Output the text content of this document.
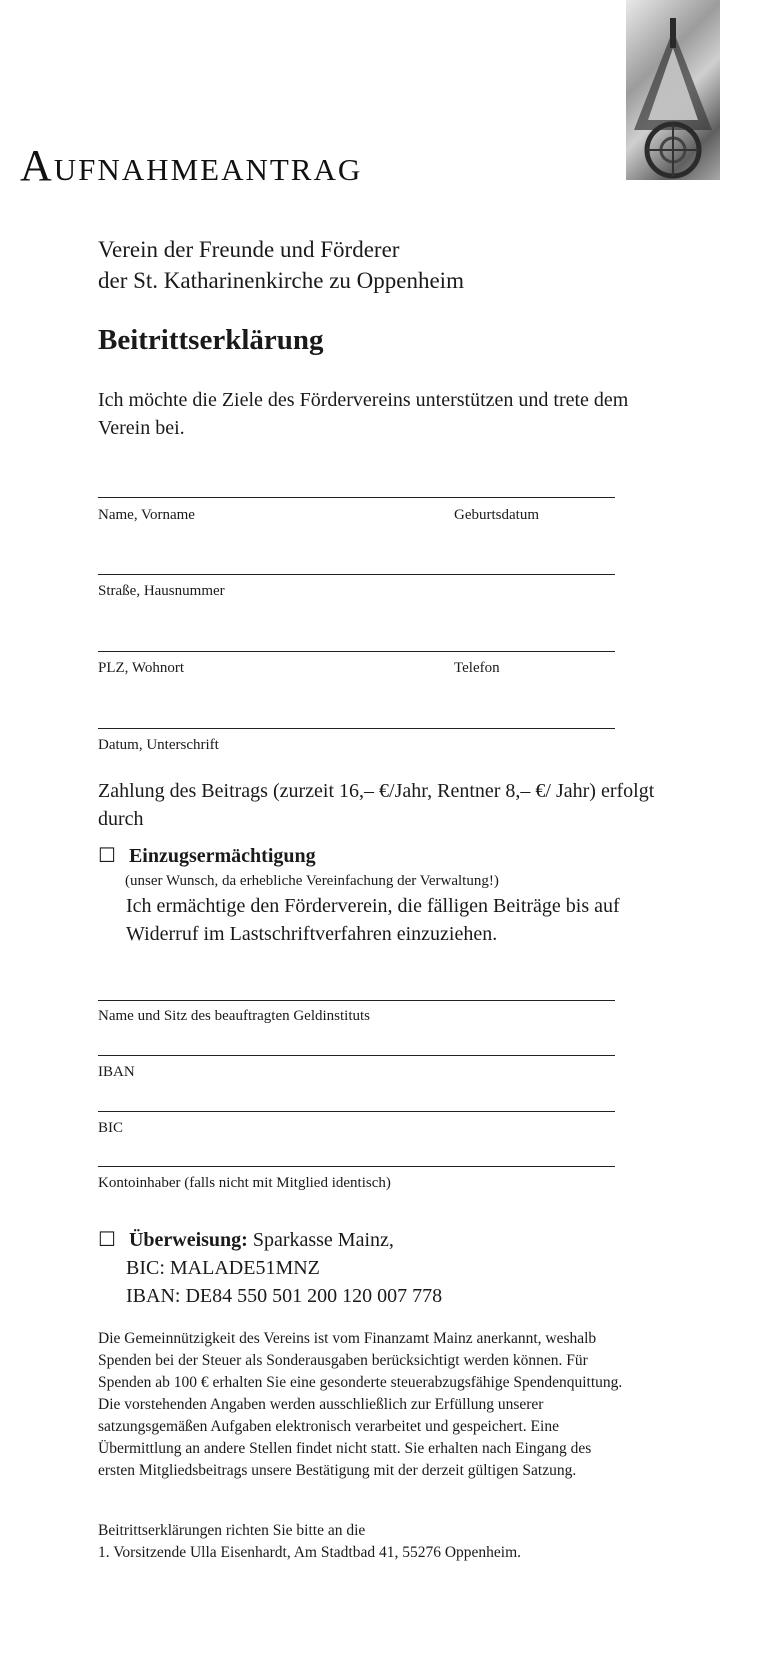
Aufnahmeantrag
Verein der Freunde und Förderer
der St. Katharinenkirche zu Oppenheim
Beitrittserklärung

Ich möchte die Ziele des Fördervereins unterstützen und trete dem Verein bei.

Name, Vorname	Geburtsdatum
Straße, Hausnummer
PLZ, Wohnort	Telefon
Datum, Unterschrift

Zahlung des Beitrags (zurzeit 16,– €/Jahr, Rentner 8,– €/ Jahr) erfolgt durch

☐ Einzugsermächtigung
(unser Wunsch, da erhebliche Vereinfachung der Verwaltung!)

Ich ermächtige den Förderverein, die fälligen Beiträge bis auf Widerruf im Lastschriftverfahren einzuziehen.

Name und Sitz des beauftragten Geldinstituts
IBAN
BIC
Kontoinhaber (falls nicht mit Mitglied identisch)
☐ Überweisung: Sparkasse Mainz,
BIC: MALADE51MNZ
IBAN: DE84 550 501 200 120 007 778

Die Gemeinnützigkeit des Vereins ist vom Finanzamt Mainz anerkannt, weshalb Spenden bei der Steuer als Sonderausgaben berücksichtigt werden können. Für Spenden ab 100 € erhalten Sie eine gesonderte steuerabzugsfähige Spendenquittung. Die vorstehenden Angaben werden ausschließlich zur Erfüllung unserer satzungsgemäßen Aufgaben elektronisch verarbeitet und gespeichert. Eine Übermittlung an andere Stellen findet nicht statt. Sie erhalten nach Eingang des ersten Mitgliedsbeitrags unsere Bestätigung mit der derzeit gültigen Satzung.

Beitrittserklärungen richten Sie bitte an die
1. Vorsitzende Ulla Eisenhardt, Am Stadtbad 41, 55276 Oppenheim.
